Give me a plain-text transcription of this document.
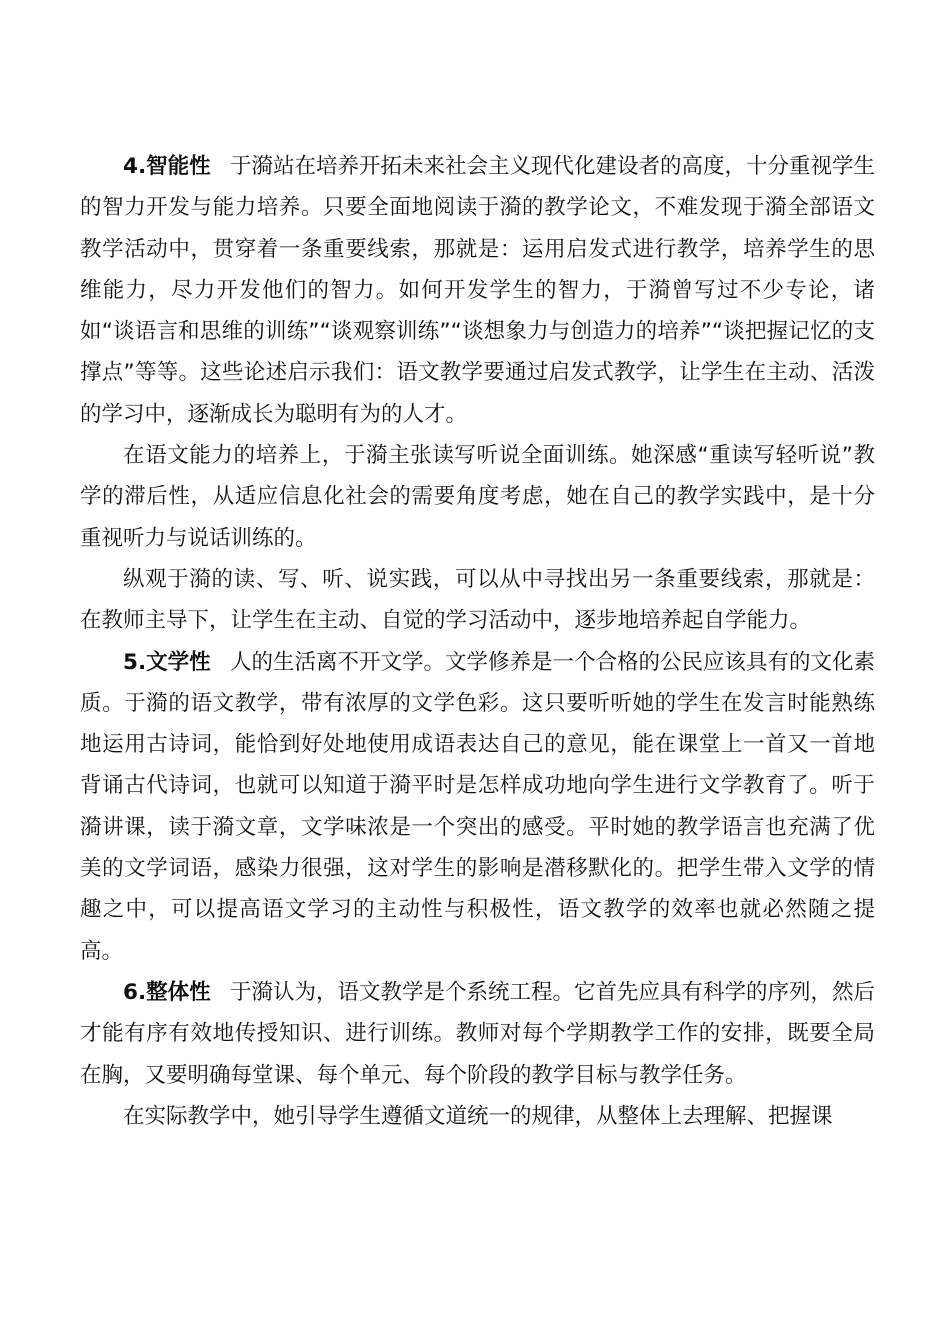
4.智能性 于漪站在培养开拓未来社会主义现代化建设者的高度，十分重视学生的智力开发与能力培养。只要全面地阅读于漪的教学论文，不难发现于漪全部语文教学活动中，贯穿着一条重要线索，那就是：运用启发式进行教学，培养学生的思维能力，尽力开发他们的智力。如何开发学生的智力，于漪曾写过不少专论，诸如“谈语言和思维的训练”“谈观察训练”“谈想象力与创造力的培养”“谈把握记忆的支撑点”等等。这些论述启示我们：语文教学要通过启发式教学，让学生在主动、活泼的学习中，逐渐成长为聪明有为的人才。

在语文能力的培养上，于漪主张读写听说全面训练。她深感“重读写轻听说”教学的滞后性，从适应信息化社会的需要角度考虑，她在自己的教学实践中，是十分重视听力与说话训练的。

纵观于漪的读、写、听、说实践，可以从中寻找出另一条重要线索，那就是：在教师主导下，让学生在主动、自觉的学习活动中，逐步地培养起自学能力。

5.文学性 人的生活离不开文学。文学修养是一个合格的公民应该具有的文化素质。于漪的语文教学，带有浓厚的文学色彩。这只要听听她的学生在发言时能熟练地运用古诗词，能恰到好处地使用成语表达自己的意见，能在课堂上一首又一首地背诵古代诗词，也就可以知道于漪平时是怎样成功地向学生进行文学教育了。听于漪讲课，读于漪文章，文学味浓是一个突出的感受。平时她的教学语言也充满了优美的文学词语，感染力很强，这对学生的影响是潜移默化的。把学生带入文学的情趣之中，可以提高语文学习的主动性与积极性，语文教学的效率也就必然随之提高。

6.整体性 于漪认为，语文教学是个系统工程。它首先应具有科学的序列，然后才能有序有效地传授知识、进行训练。教师对每个学期教学工作的安排，既要全局在胸，又要明确每堂课、每个单元、每个阶段的教学目标与教学任务。

在实际教学中，她引导学生遵循文道统一的规律，从整体上去理解、把握课
